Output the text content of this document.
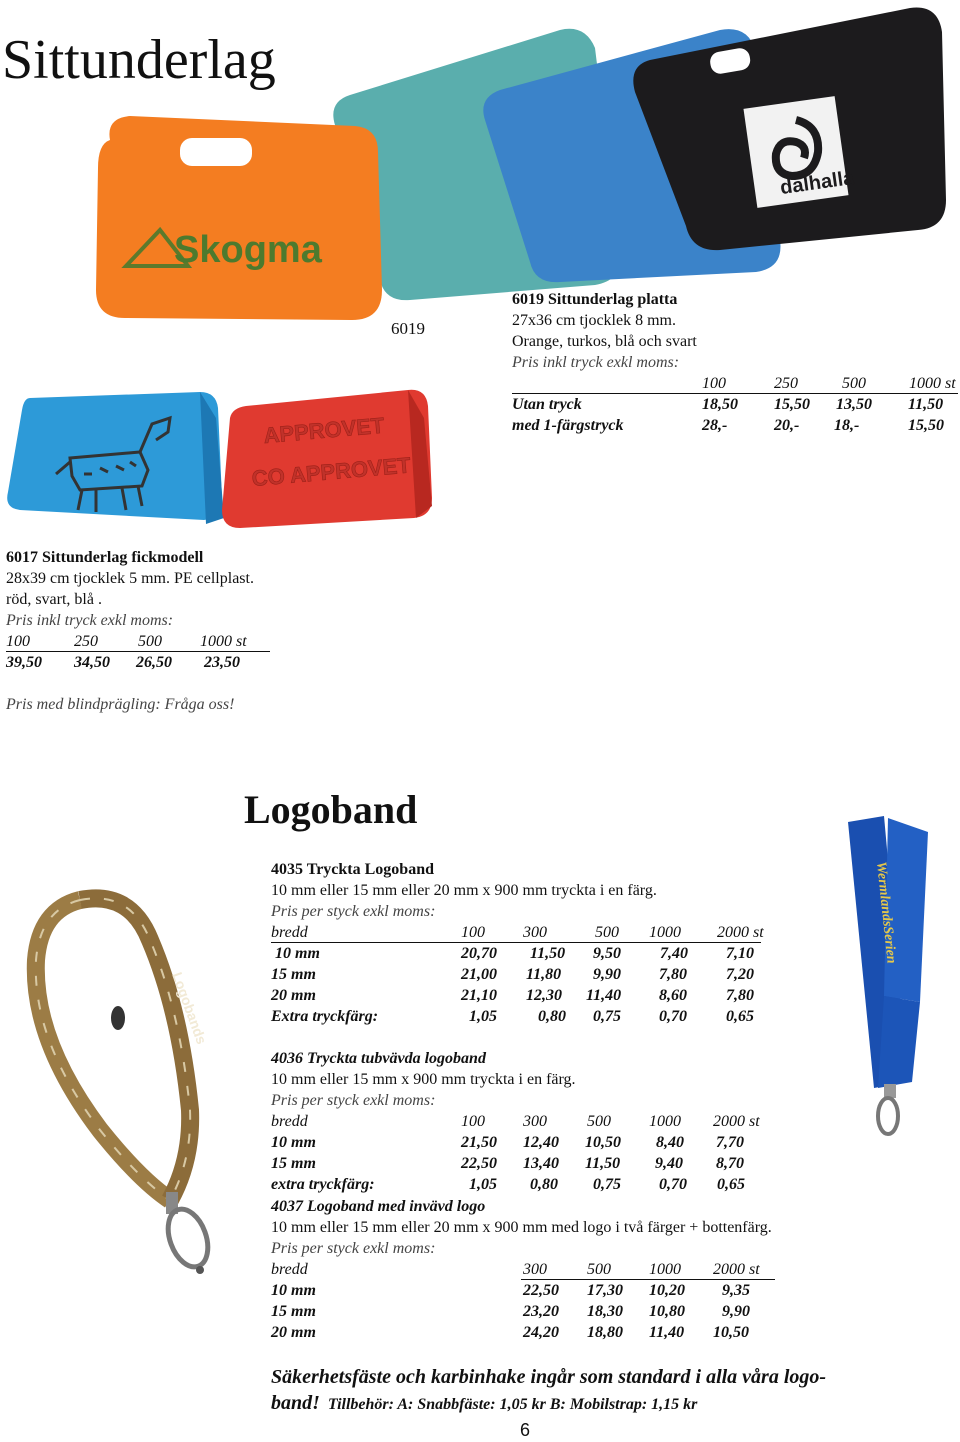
Sittunderlag
dalhalla
Skogma
6019
6019 Sittunderlag platta
27x36 cm tjocklek 8 mm.
Orange, turkos, blå och svart
Pris inkl tryck exkl moms:
100	250	500	1000 st
Utan tryck	18,50 15,50 13,50 11,50
med 1-färgstryck	28,-	20,- 18,-	15,50
APPROVET
CO APPROVET
6017 Sittunderlag fickmodell
28x39 cm tjocklek 5 mm. PE cellplast.
röd, svart, blå .
Pris inkl tryck exkl moms:
100	250	500 1000 st
39,50 34,50 26,50 23,50
Pris med blindprägling: Fråga oss!
Logoband
Logobands
WermlandsSerien
4035 Tryckta Logoband
10 mm eller 15 mm eller 20 mm x 900 mm tryckta i en färg.
Pris per styck exkl moms:
bredd	100 300	500 1000 2000 st
10 mm	20,70 11,50 9,50 7,40 7,10
15 mm	21,00 11,80 9,90 7,80 7,20
20 mm	21,10 12,30 11,40 8,60 7,80
Extra tryckfärg:	1,05	0,80 0,75 0,70 0,65
4036 Tryckta tubvävda logoband
10 mm eller 15 mm x 900 mm tryckta i en färg.
Pris per styck exkl moms:
bredd	100 300	500 1000 2000 st
10 mm	21,50 12,40 10,50 8,40 7,70
15 mm	22,50 13,40 11,50 9,40 8,70
extra tryckfärg:	1,05 0,80 0,75 0,70 0,65
4037 Logoband med invävd logo
10 mm eller 15 mm eller 20 mm x 900 mm med logo i två färger + bottenfärg.
Pris per styck exkl moms:
bredd	300	500 1000 2000 st
10 mm	22,50 17,30 10,20 9,35
15 mm	23,20 18,30 10,80 9,90
20 mm	24,20 18,80 11,40 10,50
Säkerhetsfäste och karbinhake ingår som standard i alla våra logo-
band! Tillbehör: A: Snabbfäste: 1,05 kr B: Mobilstrap: 1,15 kr
6
